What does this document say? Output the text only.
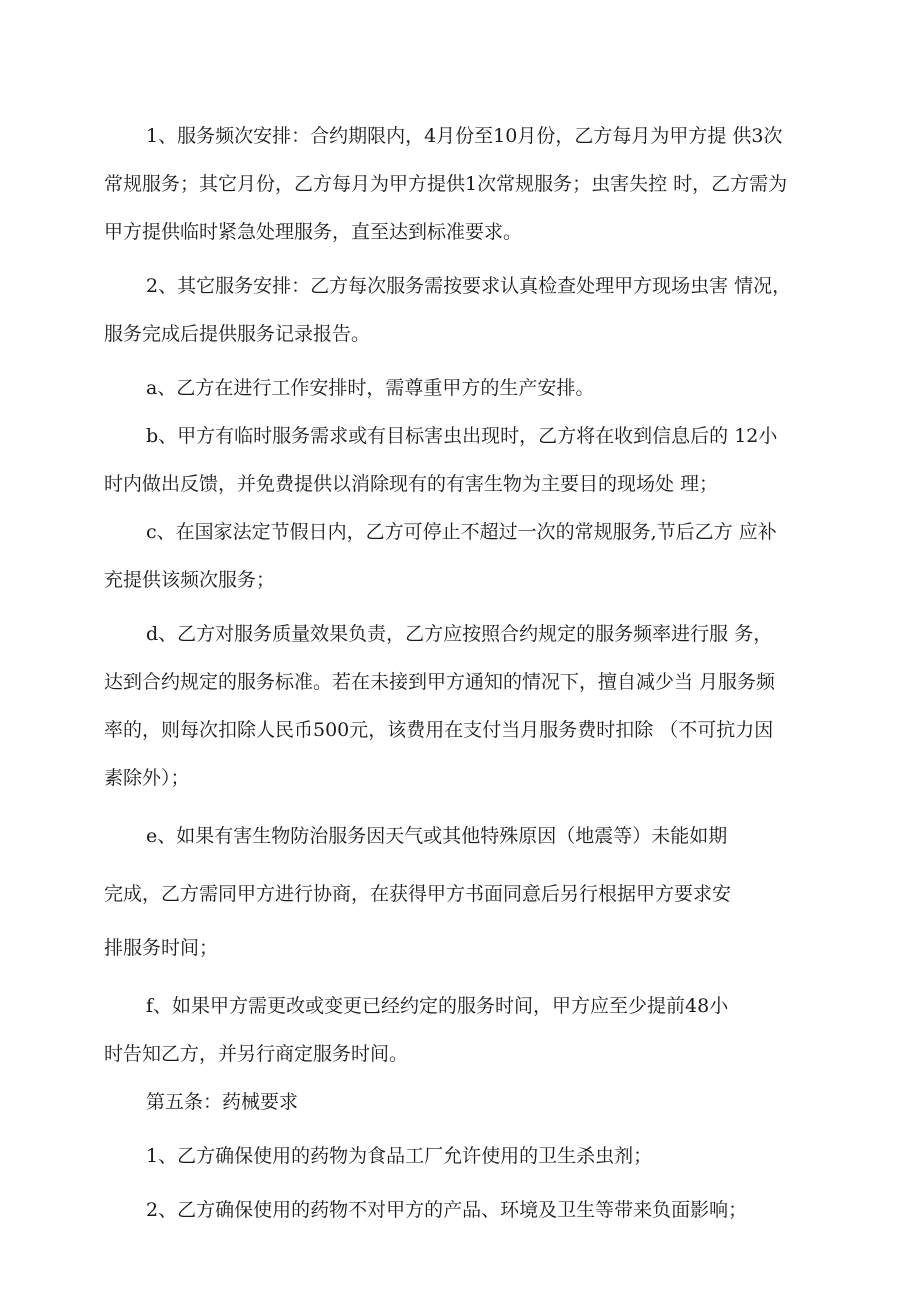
1、服务频次安排：合约期限内，4月份至10月份，乙方每月为甲方提 供3次
常规服务；其它月份，乙方每月为甲方提供1次常规服务；虫害失控 时，乙方需为
甲方提供临时紧急处理服务，直至达到标准要求。
2、其它服务安排：乙方每次服务需按要求认真检查处理甲方现场虫害 情况，
服务完成后提供服务记录报告。
a、乙方在进行工作安排时，需尊重甲方的生产安排。
b、甲方有临时服务需求或有目标害虫出现时，乙方将在收到信息后的 12小
时内做出反馈，并免费提供以消除现有的有害生物为主要目的现场处 理；
c、在国家法定节假日内，乙方可停止不超过一次的常规服务,节后乙方 应补
充提供该频次服务；
d、乙方对服务质量效果负责，乙方应按照合约规定的服务频率进行服 务，
达到合约规定的服务标准。若在未接到甲方通知的情况下，擅自减少当 月服务频
率的，则每次扣除人民币500元，该费用在支付当月服务费时扣除 （不可抗力因
素除外）；
e、如果有害生物防治服务因天气或其他特殊原因（地震等）未能如期
完成，乙方需同甲方进行协商，在获得甲方书面同意后另行根据甲方要求安
排服务时间；
f、如果甲方需更改或变更已经约定的服务时间，甲方应至少提前48小
时告知乙方，并另行商定服务时间。
第五条：药械要求
1、乙方确保使用的药物为食品工厂允许使用的卫生杀虫剂；
2、乙方确保使用的药物不对甲方的产品、环境及卫生等带来负面影响；
